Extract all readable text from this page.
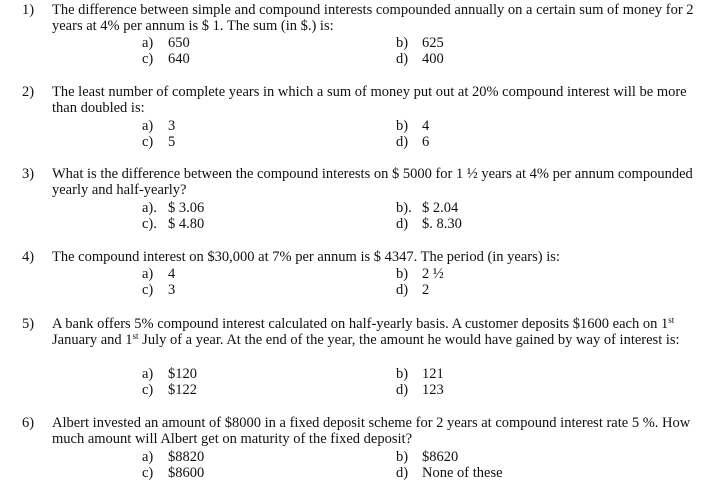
1) The difference between simple and compound interests compounded annually on a certain sum of money for 2 years at 4% per annum is $ 1. The sum (in $.) is:
a) 650	b) 625
c) 640	d) 400
2) The least number of complete years in which a sum of money put out at 20% compound interest will be more than doubled is:
a) 3	b) 4
c) 5	d) 6
3) What is the difference between the compound interests on $ 5000 for 1 ½ years at 4% per annum compounded yearly and half-yearly?
a). $ 3.06	b). $ 2.04
c). $ 4.80	d) $. 8.30
4) The compound interest on $30,000 at 7% per annum is $ 4347. The period (in years) is:
a) 4	b) 2 ½
c) 3	d) 2
5) A bank offers 5% compound interest calculated on half-yearly basis. A customer deposits $1600 each on 1st January and 1st July of a year. At the end of the year, the amount he would have gained by way of interest is:
a) $120	b) 121
c) $122	d) 123
6) Albert invested an amount of $8000 in a fixed deposit scheme for 2 years at compound interest rate 5 %. How much amount will Albert get on maturity of the fixed deposit?
a) $8820	b) $8620
c) $8600	d) None of these
